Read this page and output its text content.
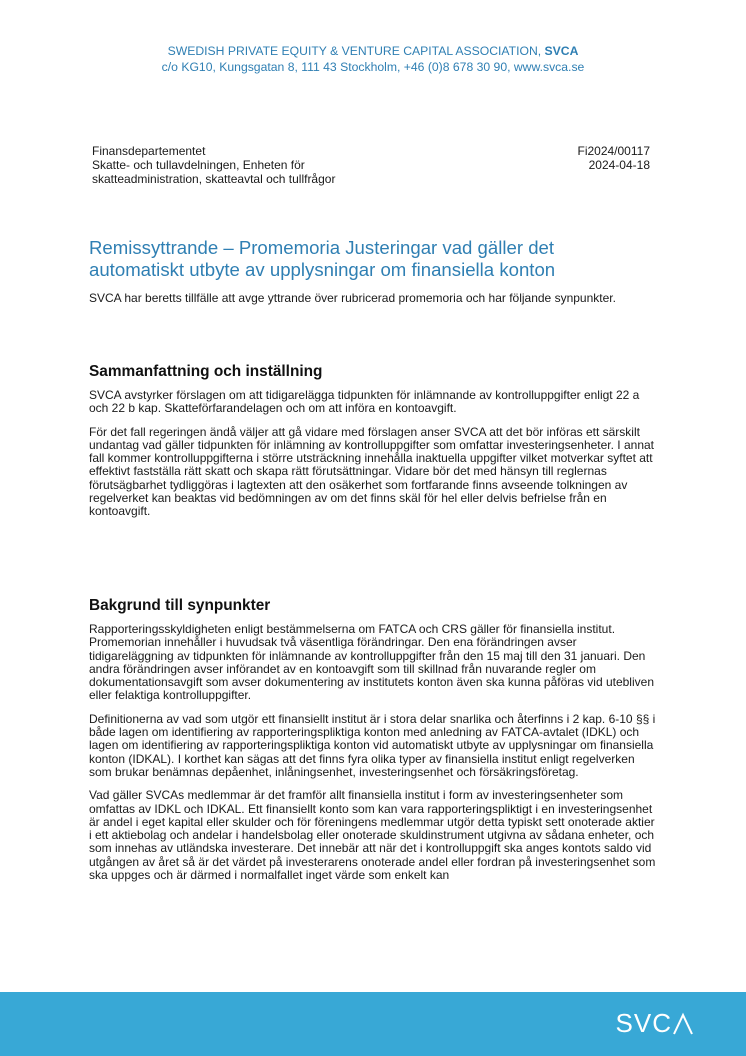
SWEDISH PRIVATE EQUITY & VENTURE CAPITAL ASSOCIATION, SVCA
c/o KG10, Kungsgatan 8, 111 43 Stockholm, +46 (0)8 678 30 90, www.svca.se
Finansdepartementet
Skatte- och tullavdelningen, Enheten för skatteadministration, skatteavtal och tullfrågor
Fi2024/00117
2024-04-18
Remissyttrande – Promemoria Justeringar vad gäller det automatiskt utbyte av upplysningar om finansiella konton

SVCA har beretts tillfälle att avge yttrande över rubricerad promemoria och har följande synpunkter.

Sammanfattning och inställning

SVCA avstyrker förslagen om att tidigarelägga tidpunkten för inlämnande av kontrolluppgifter enligt 22 a och 22 b kap. Skatteförfarandelagen och om att införa en kontoavgift.

För det fall regeringen ändå väljer att gå vidare med förslagen anser SVCA att det bör införas ett särskilt undantag vad gäller tidpunkten för inlämning av kontrolluppgifter som omfattar investeringsenheter. I annat fall kommer kontrolluppgifterna i större utsträckning innehålla inaktuella uppgifter vilket motverkar syftet att effektivt fastställa rätt skatt och skapa rätt förutsättningar. Vidare bör det med hänsyn till reglernas förutsägbarhet tydliggöras i lagtexten att den osäkerhet som fortfarande finns avseende tolkningen av regelverket kan beaktas vid bedömningen av om det finns skäl för hel eller delvis befrielse från en kontoavgift.

Bakgrund till synpunkter

Rapporteringsskyldigheten enligt bestämmelserna om FATCA och CRS gäller för finansiella institut. Promemorian innehåller i huvudsak två väsentliga förändringar. Den ena förändringen avser tidigareläggning av tidpunkten för inlämnande av kontrolluppgifter från den 15 maj till den 31 januari. Den andra förändringen avser införandet av en kontoavgift som till skillnad från nuvarande regler om dokumentationsavgift som avser dokumentering av institutets konton även ska kunna påföras vid utebliven eller felaktiga kontrolluppgifter.

Definitionerna av vad som utgör ett finansiellt institut är i stora delar snarlika och återfinns i 2 kap. 6-10 §§ i både lagen om identifiering av rapporteringspliktiga konton med anledning av FATCA-avtalet (IDKL) och lagen om identifiering av rapporteringspliktiga konton vid automatiskt utbyte av upplysningar om finansiella konton (IDKAL). I korthet kan sägas att det finns fyra olika typer av finansiella institut enligt regelverken som brukar benämnas depåenhet, inlåningsenhet, investeringsenhet och försäkringsföretag.

Vad gäller SVCAs medlemmar är det framför allt finansiella institut i form av investeringsenheter som omfattas av IDKL och IDKAL. Ett finansiellt konto som kan vara rapporteringspliktigt i en investeringsenhet är andel i eget kapital eller skulder och för föreningens medlemmar utgör detta typiskt sett onoterade aktier i ett aktiebolag och andelar i handelsbolag eller onoterade skuldinstrument utgivna av sådana enheter, och som innehas av utländska investerare. Det innebär att när det i kontrolluppgift ska anges kontots saldo vid utgången av året så är det värdet på investerarens onoterade andel eller fordran på investeringsenhet som ska uppges och är därmed i normalfallet inget värde som enkelt kan

SVC
